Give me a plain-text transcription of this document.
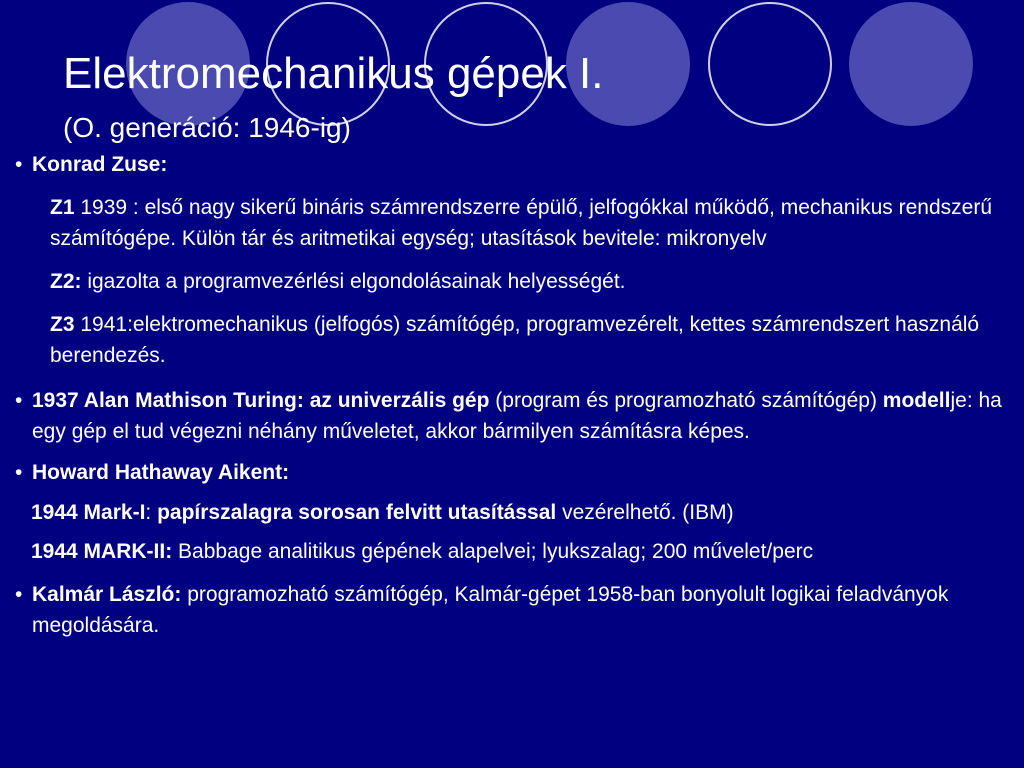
Elektromechanikus gépek I.
(O. generáció: 1946-ig)
• Konrad Zuse:
Z1 1939 : első nagy sikerű bináris számrendszerre épülő, jelfogókkal működő, mechanikus rendszerű számítógépe. Külön tár és aritmetikai egység; utasítások bevitele: mikronyelv
Z2: igazolta a programvezérlési elgondolásainak helyességét.
Z3 1941:elektromechanikus (jelfogós) számítógép, programvezérelt, kettes számrendszert használó berendezés.
• 1937 Alan Mathison Turing: az univerzális gép (program és programozható számítógép) modellje: ha egy gép el tud végezni néhány műveletet, akkor bármilyen számításra képes.
• Howard Hathaway Aikent:
1944 Mark-I: papírszalagra sorosan felvitt utasítással vezérelhető. (IBM)
1944 MARK-II: Babbage analitikus gépének alapelvei; lyukszalag; 200 művelet/perc
• Kalmár László: programozható számítógép, Kalmár-gépet 1958-ban bonyolult logikai feladványok megoldására.
